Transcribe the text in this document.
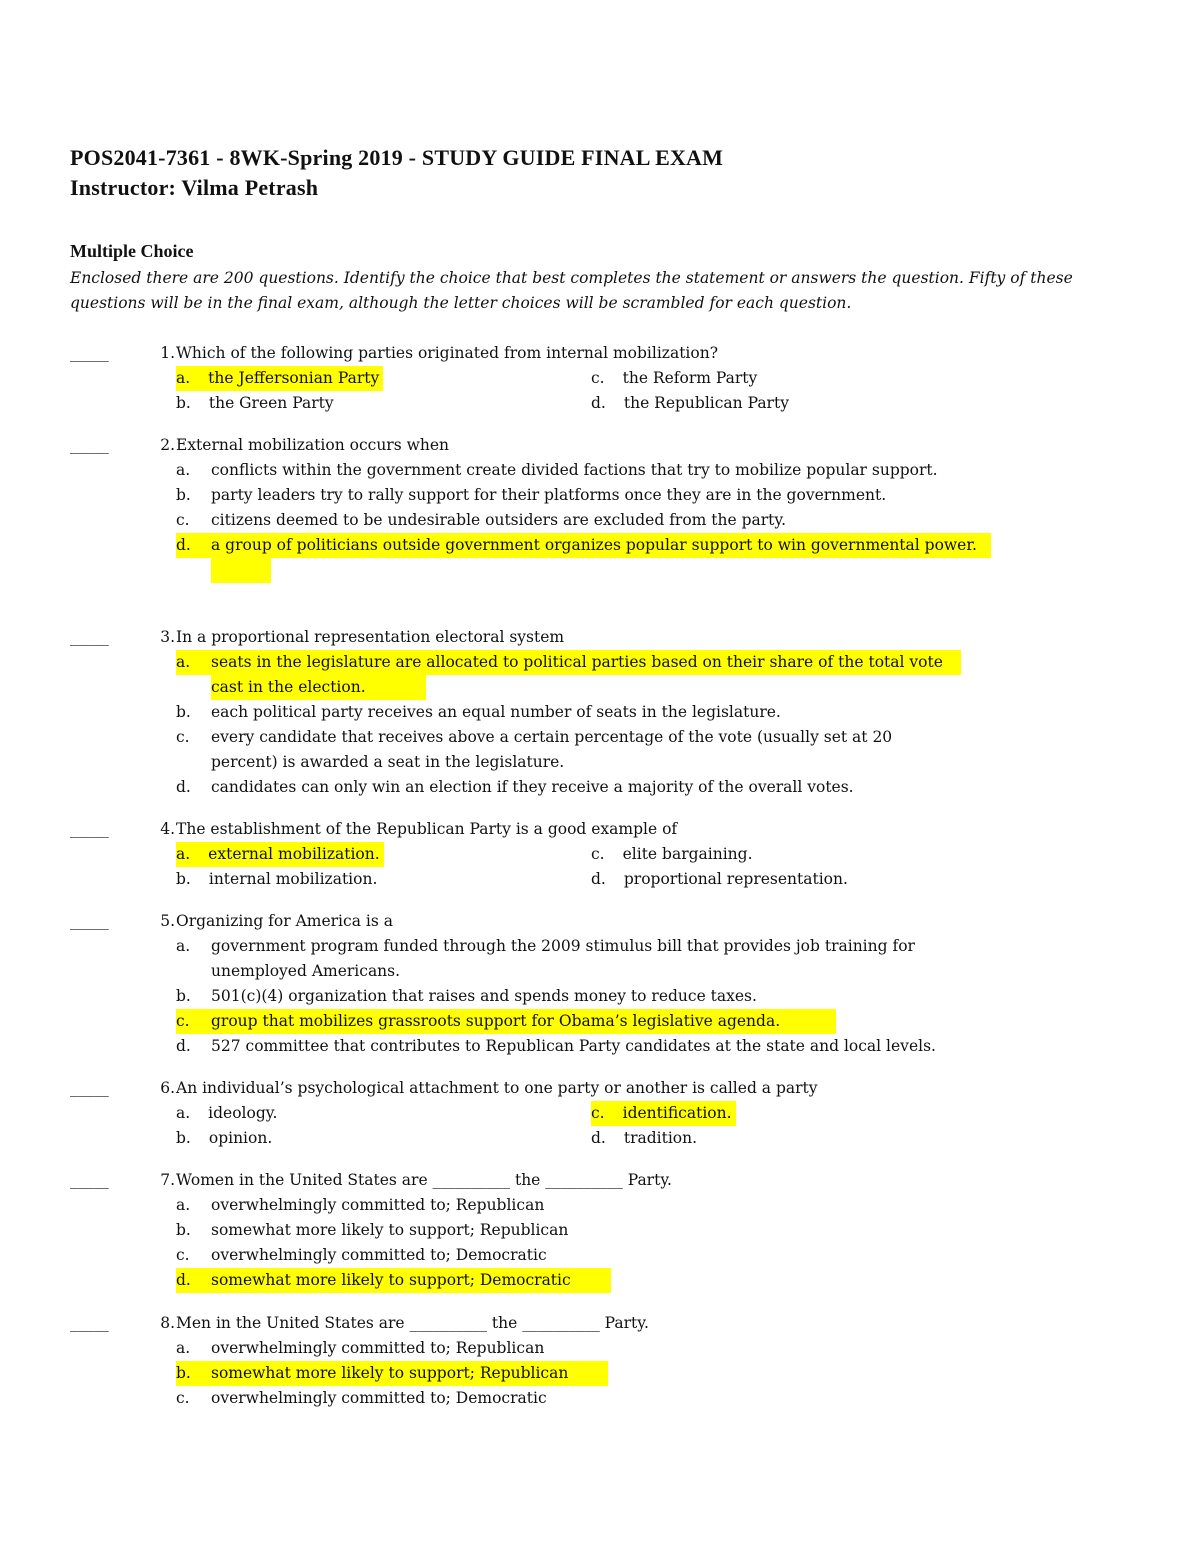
POS2041-7361 - 8WK-Spring 2019 - STUDY GUIDE FINAL EXAM
Instructor: Vilma Petrash
Multiple Choice
Enclosed there are 200 questions. Identify the choice that best completes the statement or answers the question. Fifty of these questions will be in the final exam, although the letter choices will be scrambled for each question.
_____	1. Which of the following parties originated from internal mobilization?
a. the Jeffersonian Party
b. the Green Party
c. the Reform Party
d. the Republican Party
_____	2. External mobilization occurs when
a.	conflicts within the government create divided factions that try to mobilize popular support.
b.	party leaders try to rally support for their platforms once they are in the government.
c.	citizens deemed to be undesirable outsiders are excluded from the party.
d.	a group of politicians outside government organizes popular support to win governmental power.
_____	3. In a proportional representation electoral system
a.	seats in the legislature are allocated to political parties based on their share of the total vote cast in the election.
b.	each political party receives an equal number of seats in the legislature.
c.	every candidate that receives above a certain percentage of the vote (usually set at 20 percent) is awarded a seat in the legislature.
d.	candidates can only win an election if they receive a majority of the overall votes.
_____	4. The establishment of the Republican Party is a good example of
a. external mobilization.
b. internal mobilization.
c. elite bargaining.
d. proportional representation.
_____	5. Organizing for America is a
a.	government program funded through the 2009 stimulus bill that provides job training for unemployed Americans.
b.	501(c)(4) organization that raises and spends money to reduce taxes.
c.	group that mobilizes grassroots support for Obama’s legislative agenda.
d.	527 committee that contributes to Republican Party candidates at the state and local levels.
_____	6. An individual’s psychological attachment to one party or another is called a party
a. ideology.
b. opinion.
c. identification.
d. tradition.
_____	7. Women in the United States are __________ the __________ Party.
a.	overwhelmingly committed to; Republican
b.	somewhat more likely to support; Republican
c.	overwhelmingly committed to; Democratic
d.	somewhat more likely to support; Democratic
_____	8. Men in the United States are __________ the __________ Party.
a.	overwhelmingly committed to; Republican
b.	somewhat more likely to support; Republican
c.	overwhelmingly committed to; Democratic
